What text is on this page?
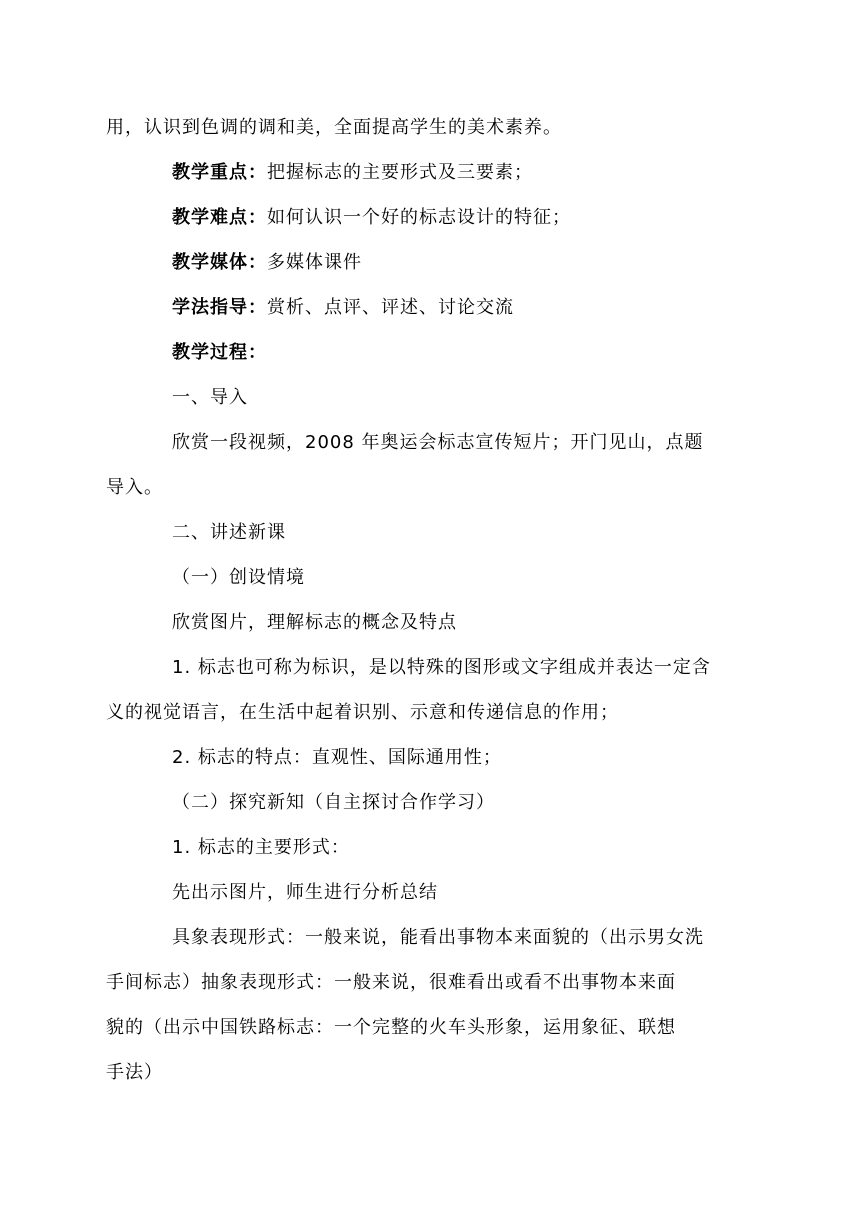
用，认识到色调的调和美，全面提高学生的美术素养。
教学重点：把握标志的主要形式及三要素；
教学难点：如何认识一个好的标志设计的特征；
教学媒体：多媒体课件
学法指导：赏析、点评、评述、讨论交流
教学过程：
一、导入
欣赏一段视频，2008 年奥运会标志宣传短片；开门见山，点题
导入。
二、讲述新课
（一）创设情境
欣赏图片，理解标志的概念及特点
1. 标志也可称为标识，是以特殊的图形或文字组成并表达一定含
义的视觉语言，在生活中起着识别、示意和传递信息的作用；
2. 标志的特点：直观性、国际通用性；
（二）探究新知（自主探讨合作学习）
1. 标志的主要形式：
先出示图片，师生进行分析总结
具象表现形式：一般来说，能看出事物本来面貌的（出示男女洗
手间标志）抽象表现形式：一般来说，很难看出或看不出事物本来面
貌的（出示中国铁路标志：一个完整的火车头形象，运用象征、联想
手法）
